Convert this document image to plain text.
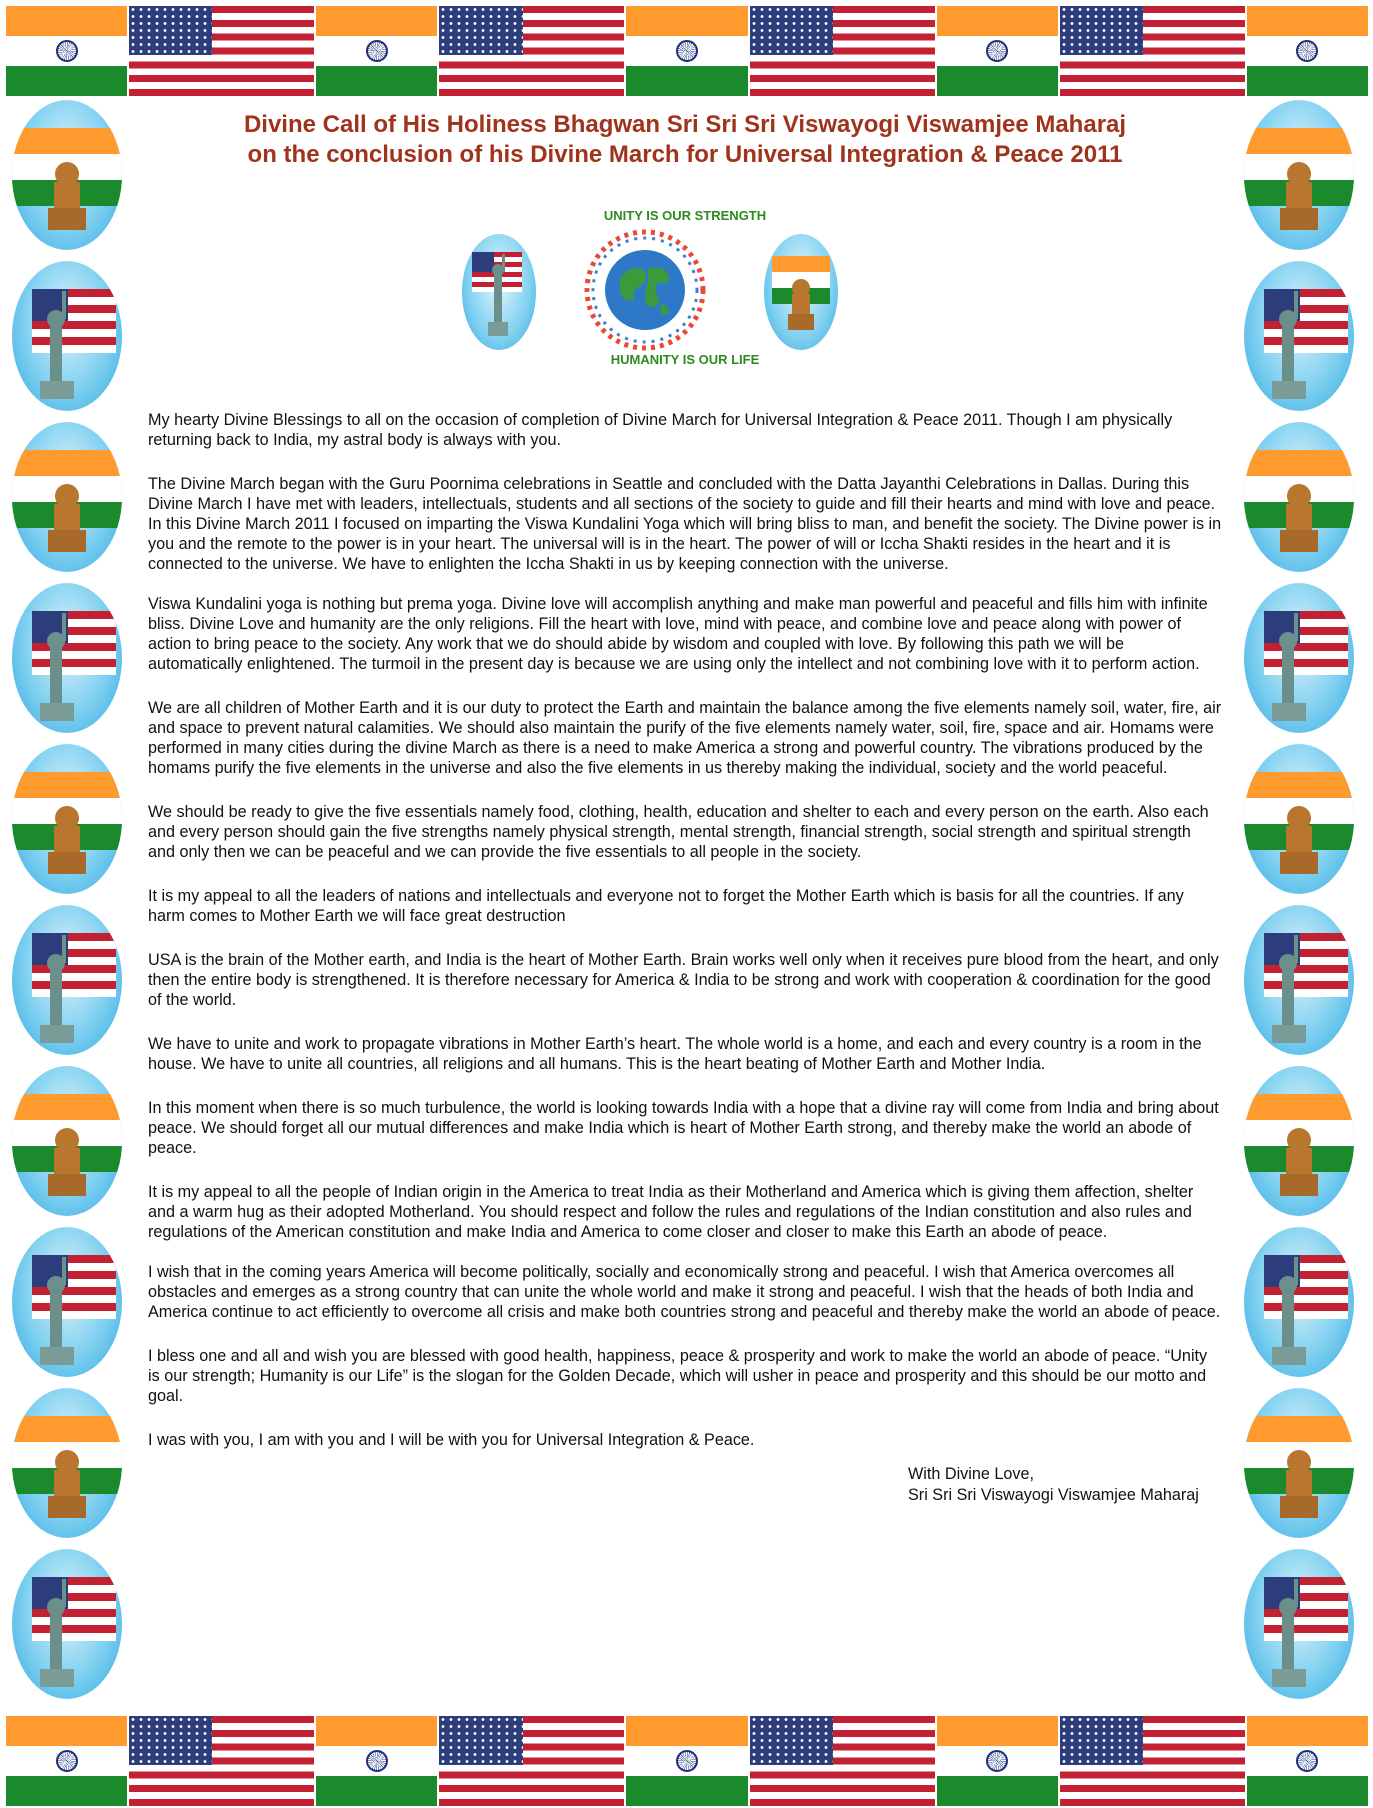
Divine Call of His Holiness Bhagwan Sri Sri Sri Viswayogi Viswamjee Maharaj
on the conclusion of his Divine March for Universal Integration & Peace 2011
UNITY IS OUR STRENGTH
HUMANITY IS OUR LIFE

My hearty Divine Blessings to all on the occasion of completion of Divine March for Universal Integration & Peace 2011. Though I am physically returning back to India, my astral body is always with you.

The Divine March began with the Guru Poornima celebrations in Seattle and concluded with the Datta Jayanthi Celebrations in Dallas. During this Divine March I have met with leaders, intellectuals, students and all sections of the society to guide and fill their hearts and mind with love and peace. In this Divine March 2011 I focused on imparting the Viswa Kundalini Yoga which will bring bliss to man, and benefit the society. The Divine power is in you and the remote to the power is in your heart. The universal will is in the heart. The power of will or Iccha Shakti resides in the heart and it is connected to the universe. We have to enlighten the Iccha Shakti in us by keeping connection with the universe.

Viswa Kundalini yoga is nothing but prema yoga. Divine love will accomplish anything and make man powerful and peaceful and fills him with infinite bliss. Divine Love and humanity are the only religions. Fill the heart with love, mind with peace, and combine love and peace along with power of action to bring peace to the society. Any work that we do should abide by wisdom and coupled with love. By following this path we will be automatically enlightened. The turmoil in the present day is because we are using only the intellect and not combining love with it to perform action.

We are all children of Mother Earth and it is our duty to protect the Earth and maintain the balance among the five elements namely soil, water, fire, air and space to prevent natural calamities. We should also maintain the purify of the five elements namely water, soil, fire, space and air. Homams were performed in many cities during the divine March as there is a need to make America a strong and powerful country. The vibrations produced by the homams purify the five elements in the universe and also the five elements in us thereby making the individual, society and the world peaceful.

We should be ready to give the five essentials namely food, clothing, health, education and shelter to each and every person on the earth. Also each and every person should gain the five strengths namely physical strength, mental strength, financial strength, social strength and spiritual strength and only then we can be peaceful and we can provide the five essentials to all people in the society.

It is my appeal to all the leaders of nations and intellectuals and everyone not to forget the Mother Earth which is basis for all the countries. If any harm comes to Mother Earth we will face great destruction

USA is the brain of the Mother earth, and India is the heart of Mother Earth. Brain works well only when it receives pure blood from the heart, and only then the entire body is strengthened. It is therefore necessary for America & India to be strong and work with cooperation & coordination for the good of the world.

We have to unite and work to propagate vibrations in Mother Earth’s heart. The whole world is a home, and each and every country is a room in the house. We have to unite all countries, all religions and all humans. This is the heart beating of Mother Earth and Mother India.

In this moment when there is so much turbulence, the world is looking towards India with a hope that a divine ray will come from India and bring about peace. We should forget all our mutual differences and make India which is heart of Mother Earth strong, and thereby make the world an abode of peace.

It is my appeal to all the people of Indian origin in the America to treat India as their Motherland and America which is giving them affection, shelter and a warm hug as their adopted Motherland. You should respect and follow the rules and regulations of the Indian constitution and also rules and regulations of the American constitution and make India and America to come closer and closer to make this Earth an abode of peace.

I wish that in the coming years America will become politically, socially and economically strong and peaceful. I wish that America overcomes all obstacles and emerges as a strong country that can unite the whole world and make it strong and peaceful. I wish that the heads of both India and America continue to act efficiently to overcome all crisis and make both countries strong and peaceful and thereby make the world an abode of peace.

I bless one and all and wish you are blessed with good health, happiness, peace & prosperity and work to make the world an abode of peace. “Unity is our strength; Humanity is our Life” is the slogan for the Golden Decade, which will usher in peace and prosperity and this should be our motto and goal.

I was with you, I am with you and I will be with you for Universal Integration & Peace.

With Divine Love,
Sri Sri Sri Viswayogi Viswamjee Maharaj
